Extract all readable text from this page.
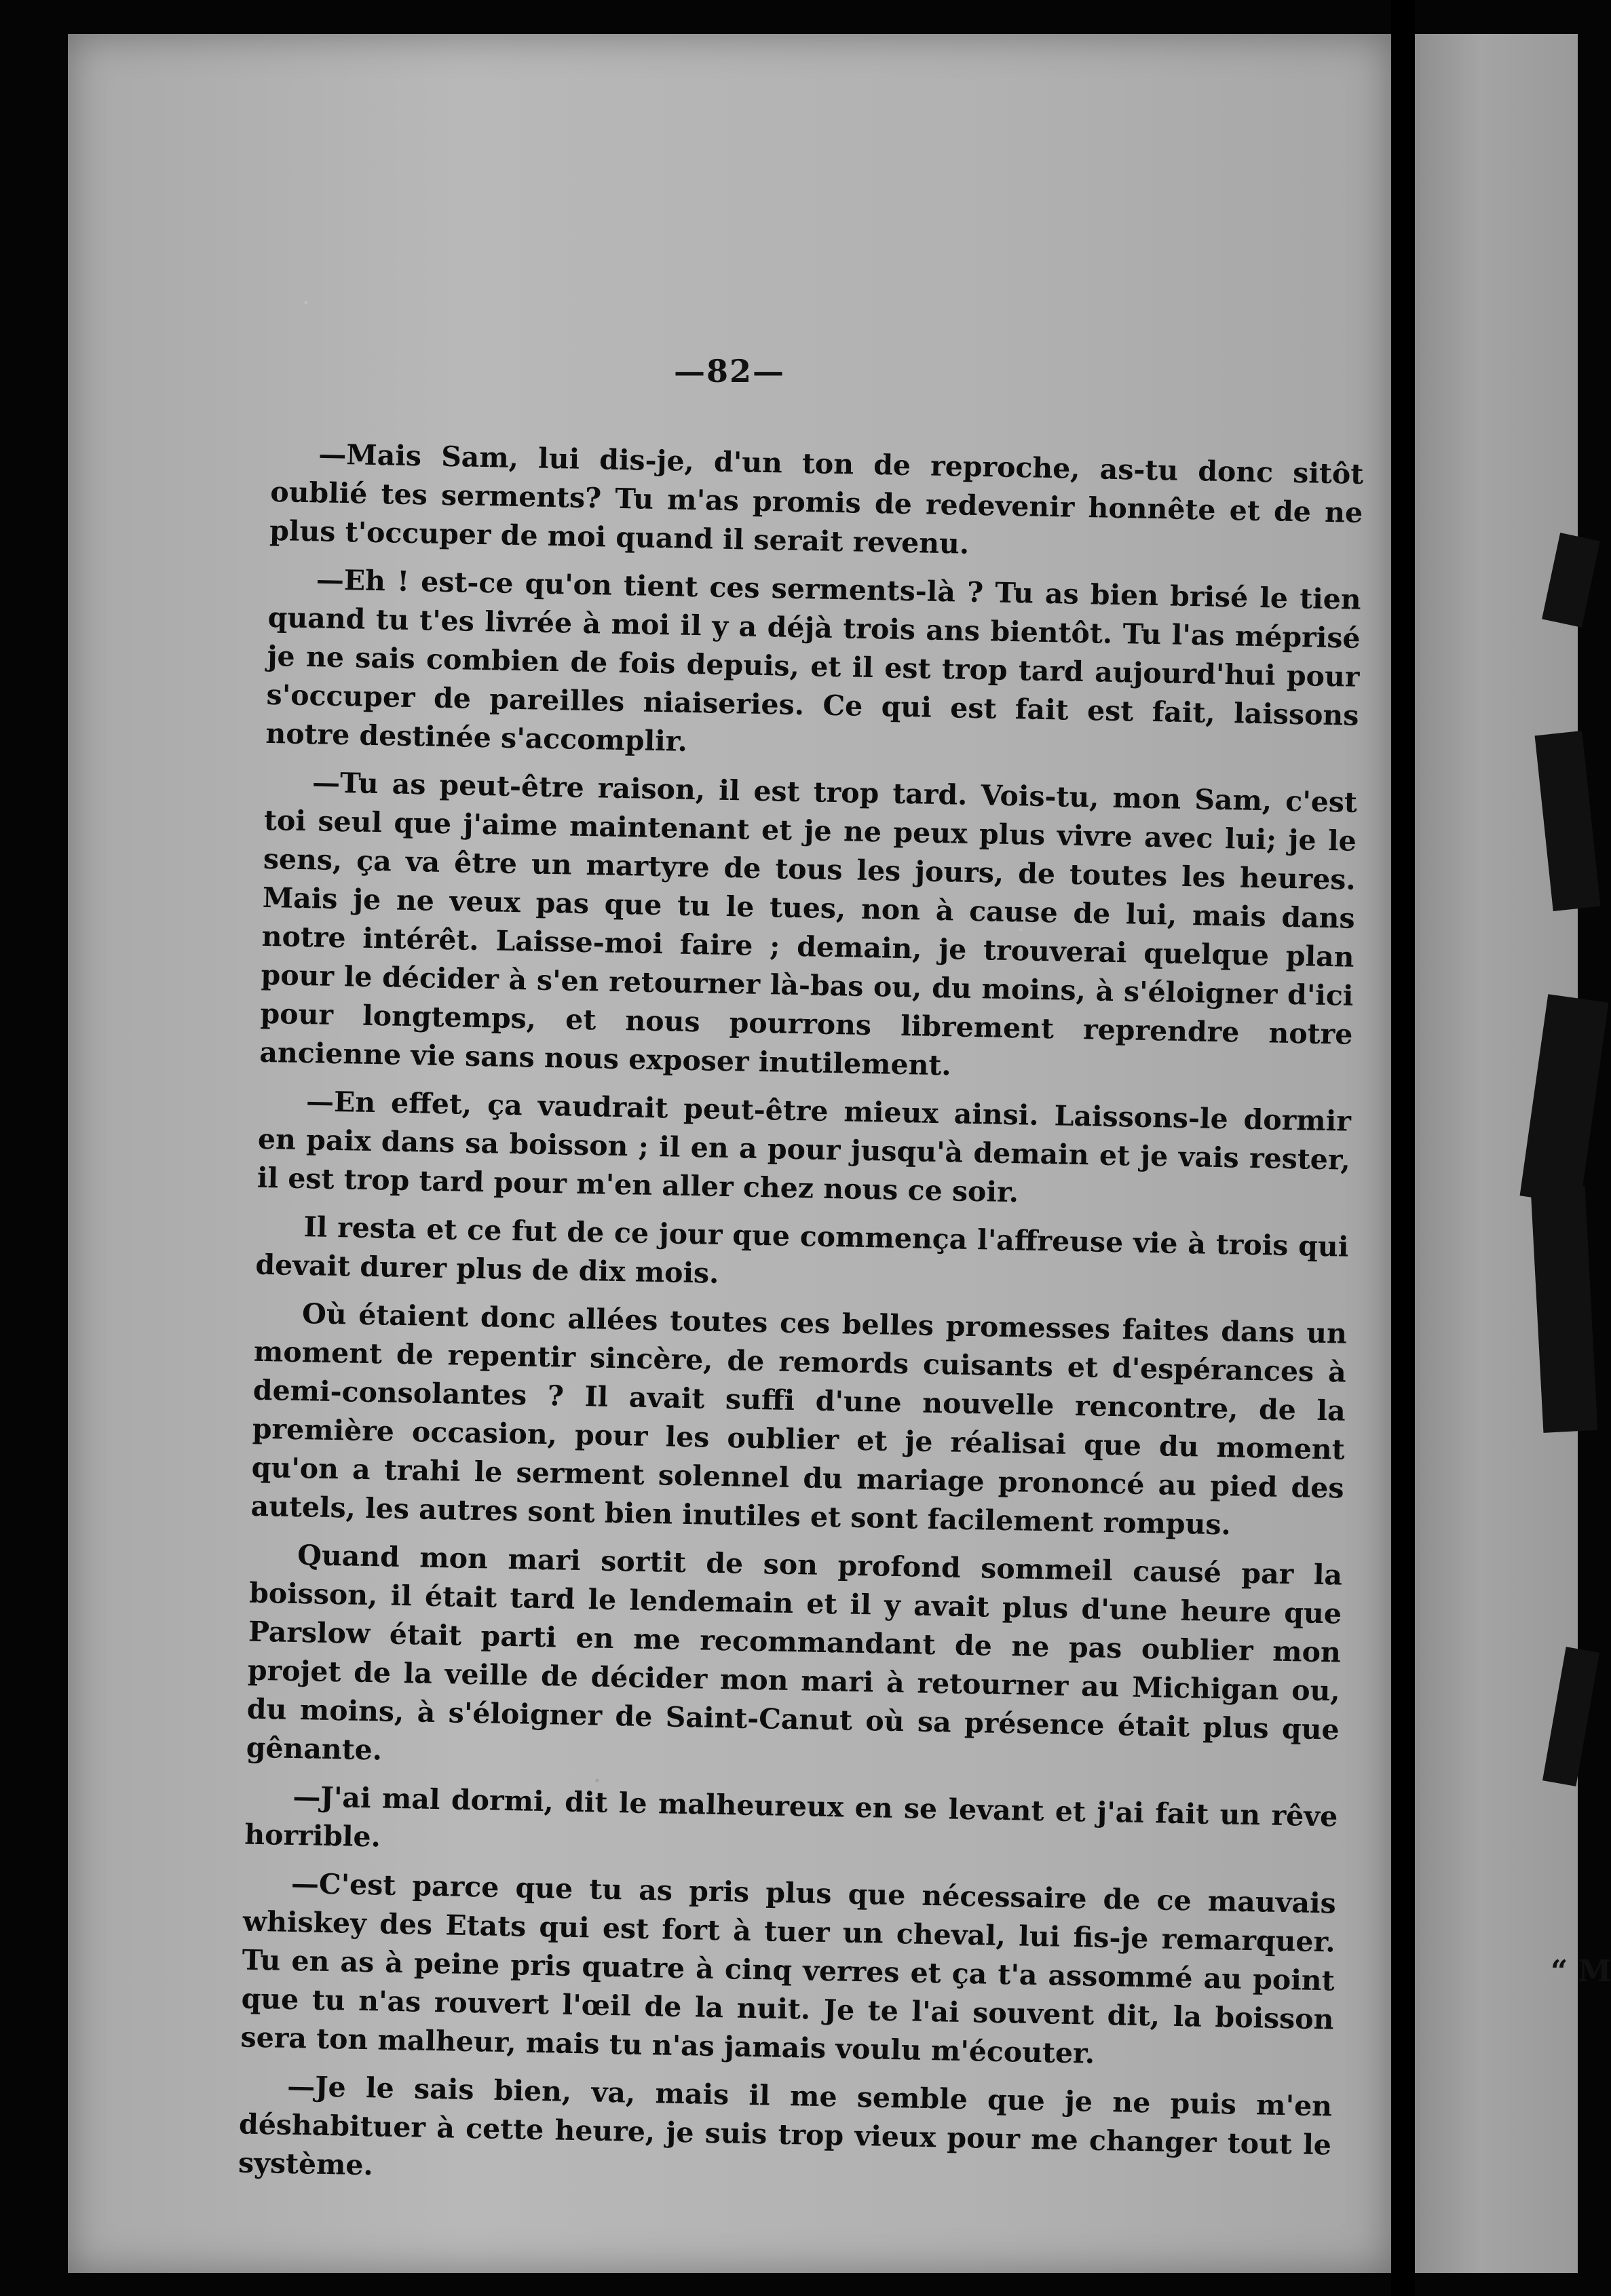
—82—

—Mais Sam, lui dis-je, d'un ton de reproche, as-tu donc sitôt oublié tes serments? Tu m'as promis de redevenir honnête et de ne plus t'occuper de moi quand il serait revenu.

—Eh ! est-ce qu'on tient ces serments-là ? Tu as bien brisé le tien quand tu t'es livrée à moi il y a déjà trois ans bientôt. Tu l'as méprisé je ne sais combien de fois depuis, et il est trop tard aujourd'hui pour s'occuper de pareilles niaiseries. Ce qui est fait est fait, laissons notre destinée s'accomplir.

—Tu as peut-être raison, il est trop tard. Vois-tu, mon Sam, c'est toi seul que j'aime maintenant et je ne peux plus vivre avec lui; je le sens, ça va être un martyre de tous les jours, de toutes les heures. Mais je ne veux pas que tu le tues, non à cause de lui, mais dans notre intérêt. Laisse-moi faire ; demain, je trouverai quelque plan pour le décider à s'en retourner là-bas ou, du moins, à s'éloigner d'ici pour longtemps, et nous pourrons librement reprendre notre ancienne vie sans nous exposer inutilement.

—En effet, ça vaudrait peut-être mieux ainsi. Laissons-le dormir en paix dans sa boisson ; il en a pour jusqu'à demain et je vais rester, il est trop tard pour m'en aller chez nous ce soir.

Il resta et ce fut de ce jour que commença l'affreuse vie à trois qui devait durer plus de dix mois.

Où étaient donc allées toutes ces belles promesses faites dans un moment de repentir sincère, de remords cuisants et d'espérances à demi-consolantes ? Il avait suffi d'une nouvelle rencontre, de la première occasion, pour les oublier et je réalisai que du moment qu'on a trahi le serment solennel du mariage prononcé au pied des autels, les autres sont bien inutiles et sont facilement rompus.

Quand mon mari sortit de son profond sommeil causé par la boisson, il était tard le lendemain et il y avait plus d'une heure que Parslow était parti en me recommandant de ne pas oublier mon projet de la veille de décider mon mari à retourner au Michigan ou, du moins, à s'éloigner de Saint-Canut où sa présence était plus que gênante.

—J'ai mal dormi, dit le malheureux en se levant et j'ai fait un rêve horrible.

—C'est parce que tu as pris plus que nécessaire de ce mauvais whiskey des Etats qui est fort à tuer un cheval, lui fis-je remarquer. Tu en as à peine pris quatre à cinq verres et ça t'a assommé au point que tu n'as rouvert l'œil de la nuit. Je te l'ai souvent dit, la boisson sera ton malheur, mais tu n'as jamais voulu m'écouter.

—Je le sais bien, va, mais il me semble que je ne puis m'en déshabituer à cette heure, je suis trop vieux pour me changer tout le système.

“ M
